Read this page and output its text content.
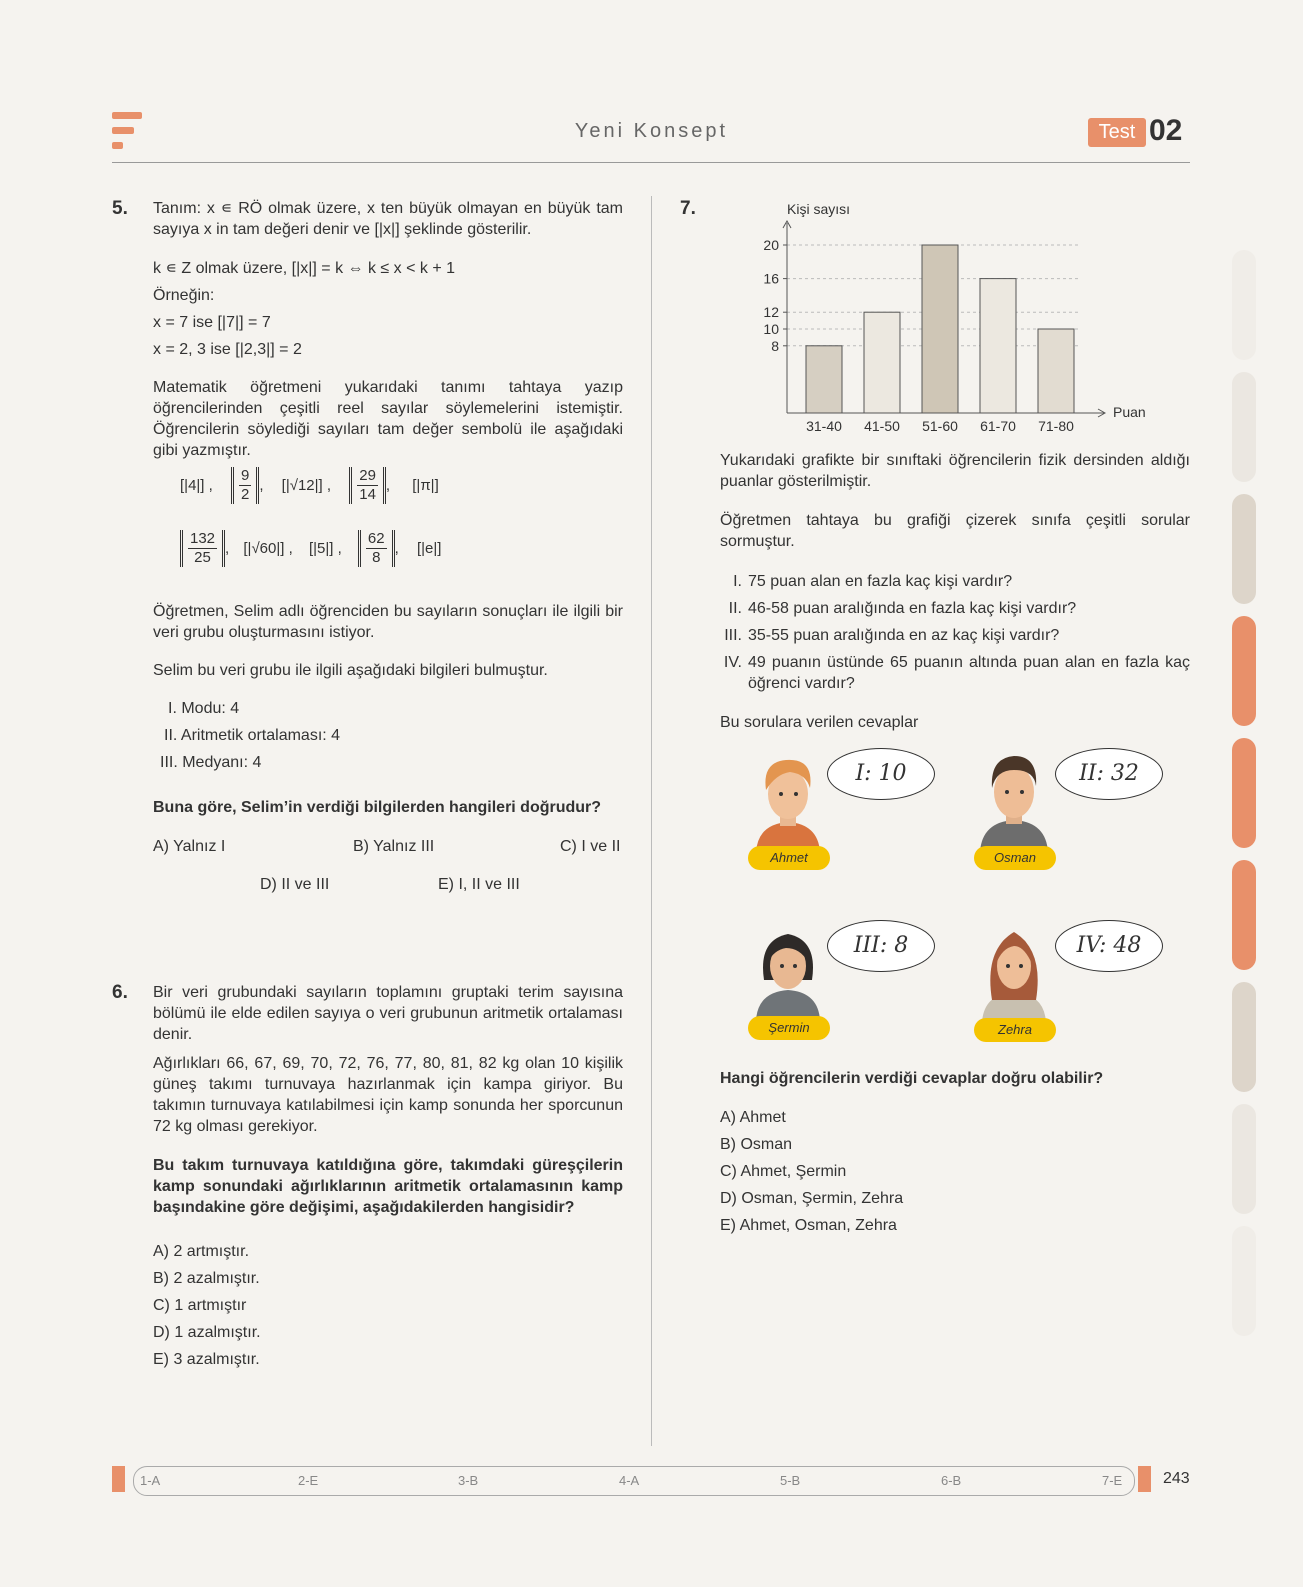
Yeni Konsept	Test 02
5. Tanım: x ∊ RÖ olmak üzere, x ten büyük olmayan en büyük tam sayıya x in tam değeri denir ve [|x|] şeklinde gösterilir.
k ∊ Z olmak üzere, [|x|] = k ⇔ k ≤ x < k + 1
Örneğin:
x = 7 ise [|7|] = 7
x = 2, 3 ise [|2,3|] = 2
Matematik öğretmeni yukarıdaki tanımı tahtaya yazıp öğrencilerinden çeşitli reel sayılar söylemelerini istemiştir. Öğrencilerin söylediği sayıları tam değer sembolü ile aşağıdaki gibi yazmıştır.
[|4|] , $\frac{9}{2}$ , [|√12|] , $\frac{29}{14}$ , [|π|]
$\frac{132}{25}$ , [|√60|] , [|5|] , $\frac{62}{8}$ , [|e|]
Öğretmen, Selim adlı öğrenciden bu sayıların sonuçları ile ilgili bir veri grubu oluşturmasını istiyor.
Selim bu veri grubu ile ilgili aşağıdaki bilgileri bulmuştur.
I. Modu: 4
II. Aritmetik ortalaması: 4
III. Medyanı: 4
Buna göre, Selim’in verdiği bilgilerden hangileri doğrudur?
A) Yalnız I	B) Yalnız III	C) I ve II
D) II ve III	E) I, II ve III
6. Bir veri grubundaki sayıların toplamını gruptaki terim sayısına bölümü ile elde edilen sayıya o veri grubunun aritmetik ortalaması denir.
Ağırlıkları 66, 67, 69, 70, 72, 76, 77, 80, 81, 82 kg olan 10 kişilik güneş takımı turnuvaya hazırlanmak için kampa giriyor. Bu takımın turnuvaya katılabilmesi için kamp sonunda her sporcunun 72 kg olması gerekiyor.
Bu takım turnuvaya katıldığına göre, takımdaki güreşçilerin kamp sonundaki ağırlıklarının aritmetik ortalamasının kamp başındakine göre değişimi, aşağıdakilerden hangisidir?
A) 2 artmıştır.
B) 2 azalmıştır.
C) 1 artmıştır
D) 1 azalmıştır.
E) 3 azalmıştır.
7.	Kişi sayısı
Puan
8
10
12
16
20
31-40 41-50 51-60 61-70 71-80
Yukarıdaki grafikte bir sınıftaki öğrencilerin fizik dersinden aldığı puanlar gösterilmiştir.
Öğretmen tahtaya bu grafiği çizerek sınıfa çeşitli sorular sormuştur.
I. 75 puan alan en fazla kaç kişi vardır?
II. 46-58 puan aralığında en fazla kaç kişi vardır?
III. 35-55 puan aralığında en az kaç kişi vardır?
IV. 49 puanın üstünde 65 puanın altında puan alan en fazla kaç öğrenci vardır?
Bu sorulara verilen cevaplar
Ahmet
I: 10
Osman
II: 32
Şermin
III: 8
Zehra
IV: 48
Hangi öğrencilerin verdiği cevaplar doğru olabilir?
A) Ahmet
B) Osman
C) Ahmet, Şermin
D) Osman, Şermin, Zehra
E) Ahmet, Osman, Zehra
1-A	2-E	3-B	4-A	5-B	6-B	7-E	243
